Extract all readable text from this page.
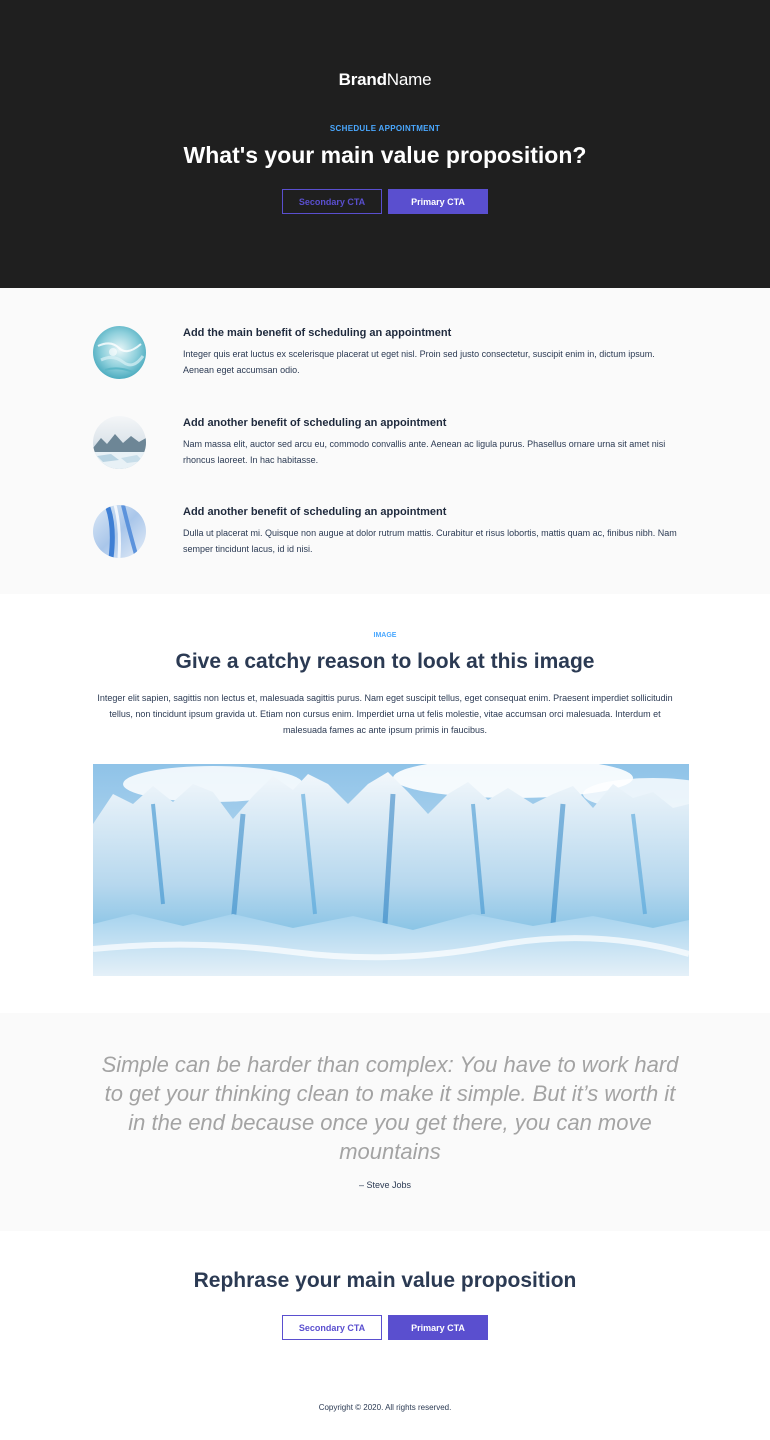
BrandName
SCHEDULE APPOINTMENT
What's your main value proposition?
Secondary CTA	Primary CTA

Add the main benefit of scheduling an appointment

Integer quis erat luctus ex scelerisque placerat ut eget nisl. Proin sed justo consectetur, suscipit enim in, dictum ipsum. Aenean eget accumsan odio.

Add another benefit of scheduling an appointment

Nam massa elit, auctor sed arcu eu, commodo convallis ante. Aenean ac ligula purus. Phasellus ornare urna sit amet nisi rhoncus laoreet. In hac habitasse.

Add another benefit of scheduling an appointment

Dulla ut placerat mi. Quisque non augue at dolor rutrum mattis. Curabitur et risus lobortis, mattis quam ac, finibus nibh. Nam semper tincidunt lacus, id id nisi.

IMAGE
Give a catchy reason to look at this image

Integer elit sapien, sagittis non lectus et, malesuada sagittis purus. Nam eget suscipit tellus, eget consequat enim. Praesent imperdiet sollicitudin tellus, non tincidunt ipsum gravida ut. Etiam non cursus enim. Imperdiet urna ut felis molestie, vitae accumsan orci malesuada. Interdum et malesuada fames ac ante ipsum primis in faucibus.

Simple can be harder than complex: You have to work hard to get your thinking clean to make it simple. But it’s worth it in the end because once you get there, you can move mountains

– Steve Jobs
Rephrase your main value proposition
Secondary CTA	Primary CTA
Copyright © 2020. All rights reserved.
